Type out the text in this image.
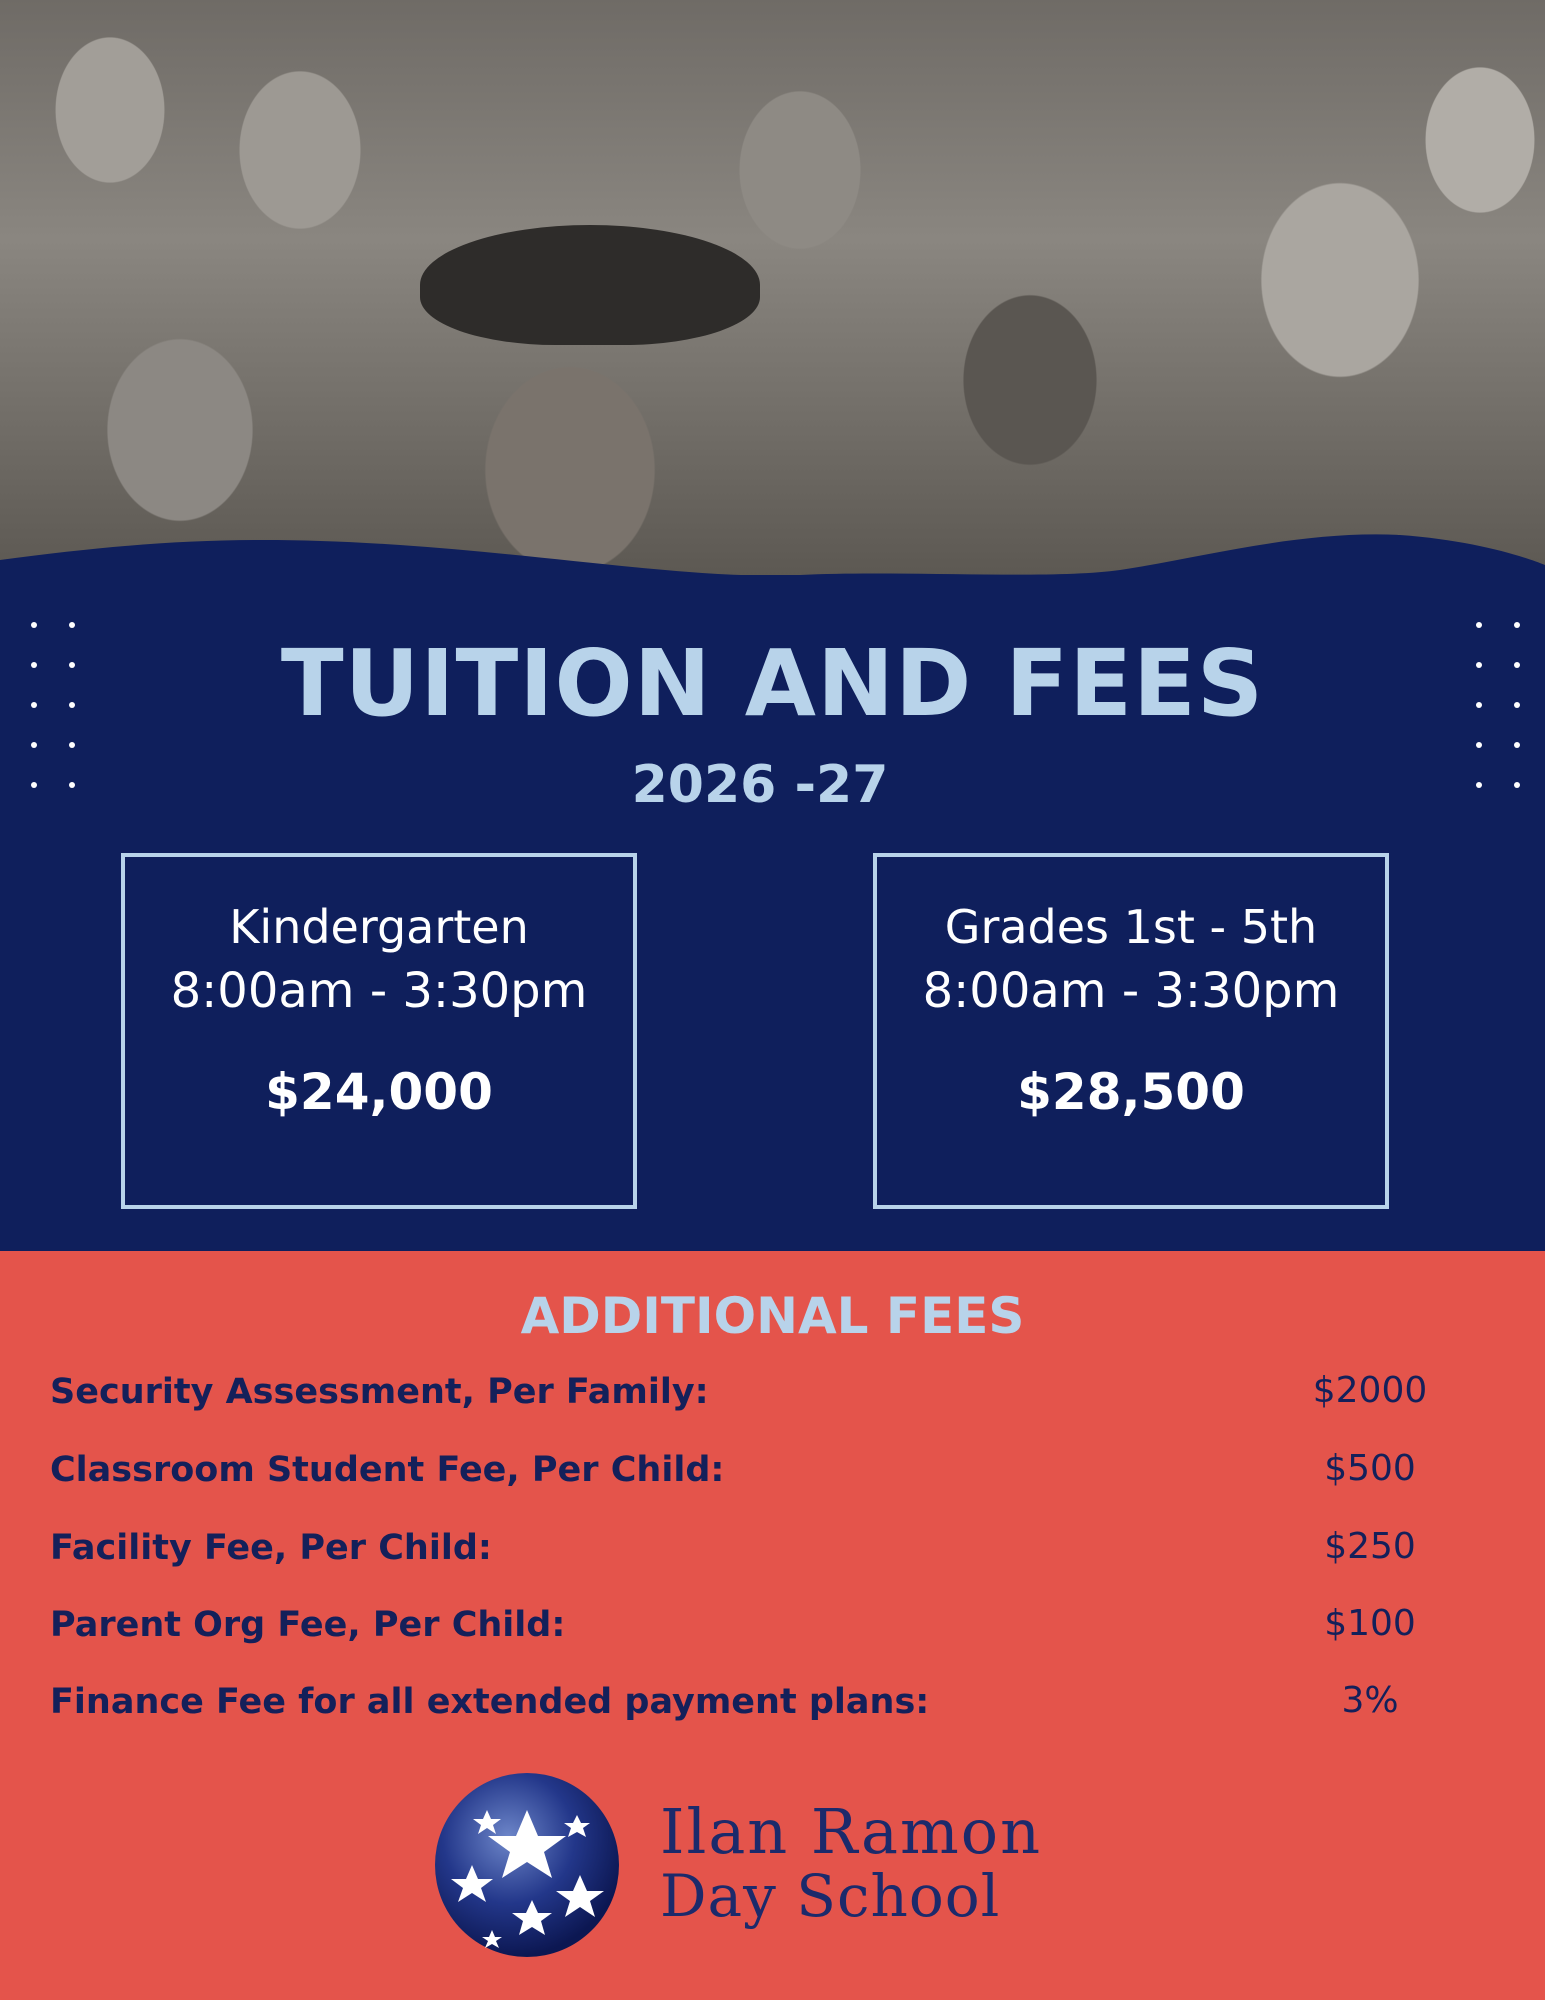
TUITION AND FEES
2026 -27
Kindergarten
8:00am - 3:30pm
$24,000
Grades 1st - 5th
8:00am - 3:30pm
$28,500
ADDITIONAL FEES
Security Assessment, Per Family:	$2000
Classroom Student Fee, Per Child:	$500
Facility Fee, Per Child:	$250
Parent Org Fee, Per Child:	$100
Finance Fee for all extended payment plans:	3%
Ilan Ramon
Day School
